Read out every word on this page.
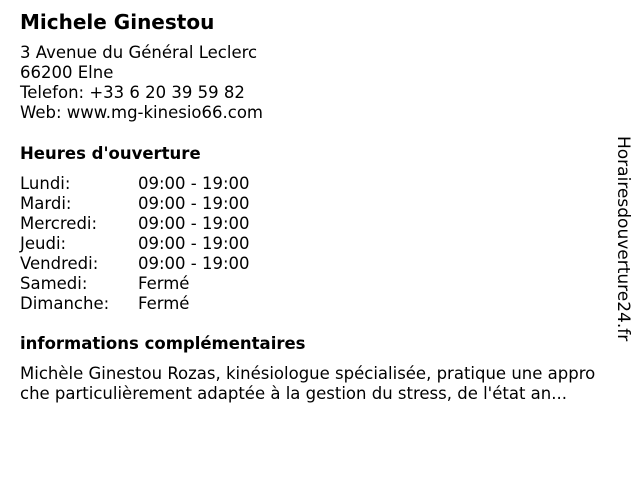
Michele Ginestou
3 Avenue du Général Leclerc
66200 Elne
Telefon: +33 6 20 39 59 82
Web: www.mg-kinesio66.com
Heures d'ouverture
Lundi:	09:00 - 19:00
Mardi:	09:00 - 19:00
Mercredi: 09:00 - 19:00
Jeudi:	09:00 - 19:00
Vendredi: 09:00 - 19:00
Samedi:	Fermé
Dimanche: Fermé
informations complémentaires
Michèle Ginestou Rozas, kinésiologue spécialisée, pratique une appro
che particulièrement adaptée à la gestion du stress, de l'état an...
Horairesdouverture24.fr
